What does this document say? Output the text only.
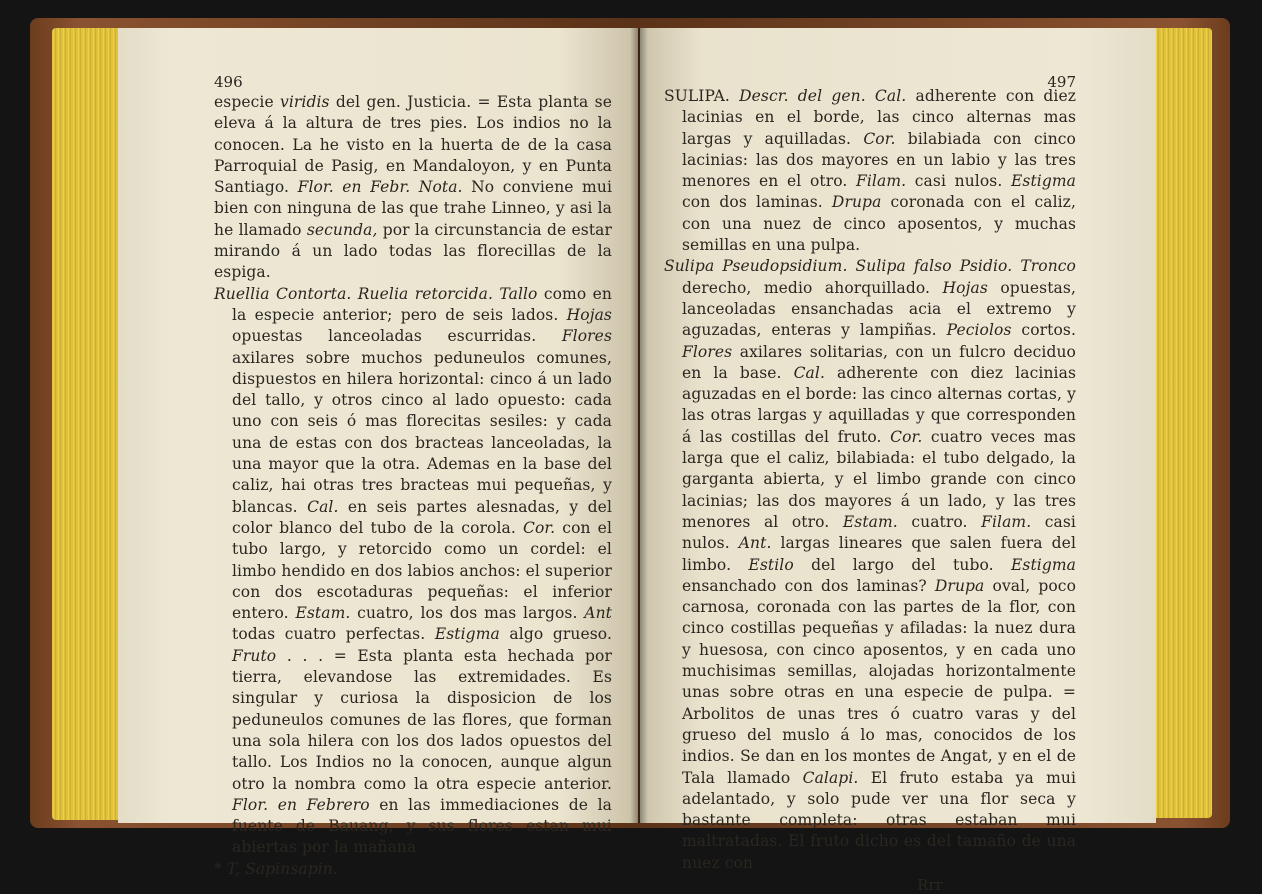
496

especie viridis del gen. Justicia. = Esta planta se eleva á la altura de tres pies. Los indios no la conocen. La he visto en la huerta de de la casa Parroquial de Pasig, en Mandaloyon, y en Punta Santiago. Flor. en Febr. Nota. No conviene mui bien con ninguna de las que trahe Linneo, y asi la he llamado secunda, por la circunstancia de estar mirando á un lado todas las florecillas de la espiga.

Ruellia Contorta. Ruelia retorcida. Tallo como en la especie anterior; pero de seis lados. Hojas opuestas lanceoladas escurridas. Flores axilares sobre muchos peduneulos comunes, dispuestos en hilera horizontal: cinco á un lado del tallo, y otros cinco al lado opuesto: cada uno con seis ó mas florecitas sesiles: y cada una de estas con dos bracteas lanceoladas, la una mayor que la otra. Ademas en la base del caliz, hai otras tres bracteas mui pequeñas, y blancas. Cal. en seis partes alesnadas, y del color blanco del tubo de la corola. Cor. con el tubo largo, y retorcido como un cordel: el limbo hendido en dos labios anchos: el superior con dos escotaduras pequeñas: el inferior entero. Estam. cuatro, los dos mas largos. Ant todas cuatro perfectas. Estigma algo grueso. Fruto . . . = Esta planta esta hechada por tierra, elevandose las extremidades. Es singular y curiosa la disposicion de los peduneulos comunes de las flores, que forman una sola hilera con los dos lados opuestos del tallo. Los Indios no la conocen, aunque algun otro la nombra como la otra especie anterior. Flor. en Febrero en las immediaciones de la fuente de Bauang, y sus flores estan mui abiertas por la mañana

* T, Sapinsapin.

497

SULIPA. Descr. del gen. Cal. adherente con diez lacinias en el borde, las cinco alternas mas largas y aquilladas. Cor. bilabiada con cinco lacinias: las dos mayores en un labio y las tres menores en el otro. Filam. casi nulos. Estigma con dos laminas. Drupa coronada con el caliz, con una nuez de cinco aposentos, y muchas semillas en una pulpa.

Sulipa Pseudopsidium. Sulipa falso Psidio. Tronco derecho, medio ahorquillado. Hojas opuestas, lanceoladas ensanchadas acia el extremo y aguzadas, enteras y lampiñas. Peciolos cortos. Flores axilares solitarias, con un fulcro deciduo en la base. Cal. adherente con diez lacinias aguzadas en el borde: las cinco alternas cortas, y las otras largas y aquilladas y que corresponden á las costillas del fruto. Cor. cuatro veces mas larga que el caliz, bilabiada: el tubo delgado, la garganta abierta, y el limbo grande con cinco lacinias; las dos mayores á un lado, y las tres menores al otro. Estam. cuatro. Filam. casi nulos. Ant. largas lineares que salen fuera del limbo. Estilo del largo del tubo. Estigma ensanchado con dos laminas? Drupa oval, poco carnosa, coronada con las partes de la flor, con cinco costillas pequeñas y afiladas: la nuez dura y huesosa, con cinco aposentos, y en cada uno muchisimas semillas, alojadas horizontalmente unas sobre otras en una especie de pulpa. = Arbolitos de unas tres ó cuatro varas y del grueso del muslo á lo mas, conocidos de los indios. Se dan en los montes de Angat, y en el de Tala llamado Calapi. El fruto estaba ya mui adelantado, y solo pude ver una flor seca y bastante completa: otras estaban mui maltratadas. El fruto dicho es del tamaño de una nuez con

Rrr
